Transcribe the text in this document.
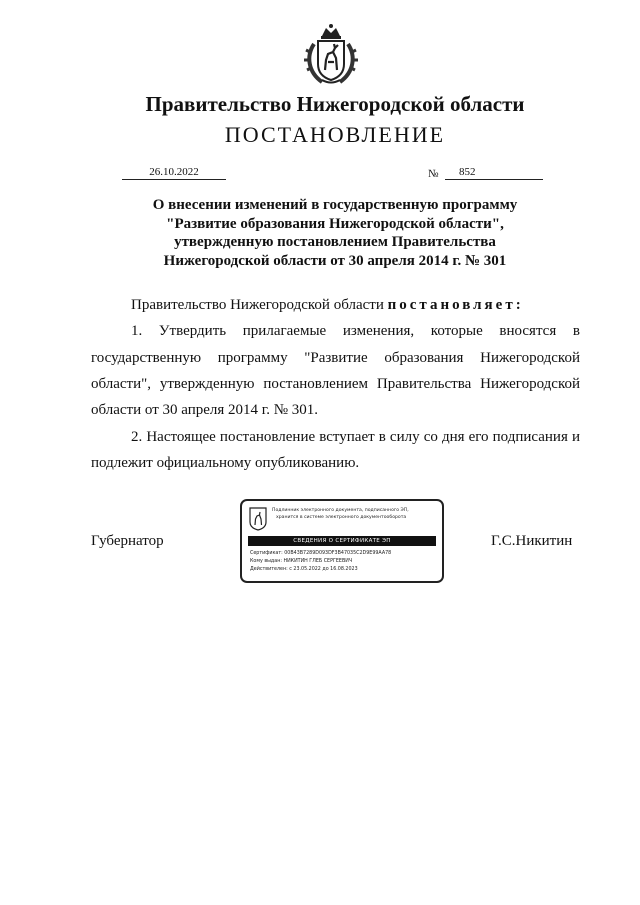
Правительство Нижегородской области
ПОСТАНОВЛЕНИЕ
26.10.2022	№	852
О внесении изменений в государственную программу
"Развитие образования Нижегородской области",
утвержденную постановлением Правительства
Нижегородской области от 30 апреля 2014 г. № 301
Правительство Нижегородской области постановляет:
1. Утвердить прилагаемые изменения, которые вносятся в
государственную программу "Развитие образования Нижегородской
области", утвержденную постановлением Правительства Нижегородской
области от 30 апреля 2014 г. № 301.
2. Настоящее постановление вступает в силу со дня его подписания и
подлежит официальному опубликованию.
Губернатор
Подлинник электронного документа, подписанного ЭП,
хранится в системе электронного документооборота
СВЕДЕНИЯ О СЕРТИФИКАТЕ ЭП
Сертификат: 00B43B7289D093DF3B47035C2D9E99AA78
Кому выдан: НИКИТИН ГЛЕБ СЕРГЕЕВИЧ
Действителен: с 23.05.2022 до 16.08.2023
Г.С.Никитин
